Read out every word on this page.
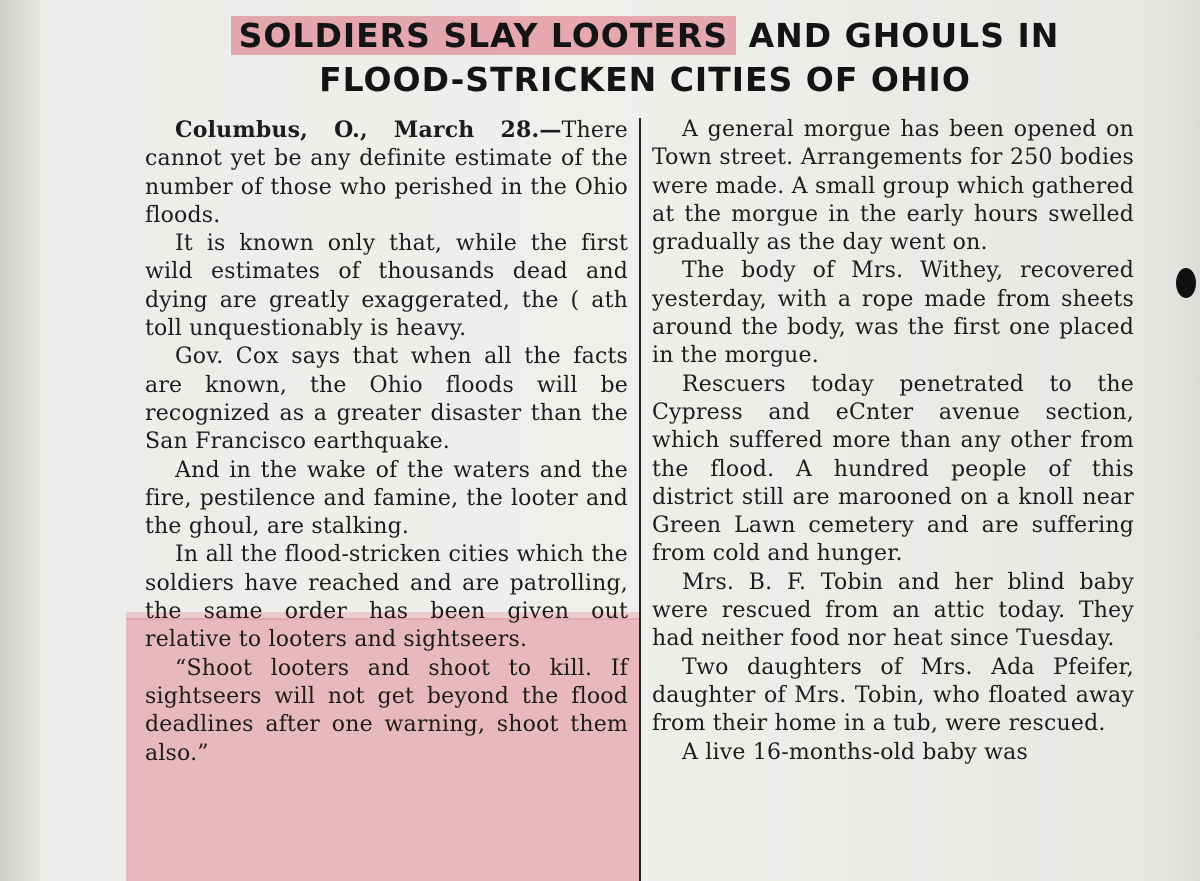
SOLDIERS SLAY LOOTERS AND GHOULS IN
FLOOD-STRICKEN CITIES OF OHIO

Columbus, O., March 28.—There cannot yet be any definite estimate of the number of those who perished in the Ohio floods.

It is known only that, while the first wild estimates of thousands dead and dying are greatly exaggerated, the ( ath toll unquestionably is heavy.

Gov. Cox says that when all the facts are known, the Ohio floods will be recognized as a greater disaster than the San Francisco earthquake.

And in the wake of the waters and the fire, pestilence and famine, the looter and the ghoul, are stalking.

In all the flood-stricken cities which the soldiers have reached and are patrolling, the same order has been given out relative to looters and sightseers.

“Shoot looters and shoot to kill. If sightseers will not get beyond the flood deadlines after one warning, shoot them also.”

A general morgue has been opened on Town street. Arrangements for 250 bodies were made. A small group which gathered at the morgue in the early hours swelled gradually as the day went on.

The body of Mrs. Withey, recovered yesterday, with a rope made from sheets around the body, was the first one placed in the morgue.

Rescuers today penetrated to the Cypress and eCnter avenue section, which suffered more than any other from the flood. A hundred people of this district still are marooned on a knoll near Green Lawn cemetery and are suffering from cold and hunger.

Mrs. B. F. Tobin and her blind baby were rescued from an attic today. They had neither food nor heat since Tuesday.

Two daughters of Mrs. Ada Pfeifer, daughter of Mrs. Tobin, who floated away from their home in a tub, were rescued.

A live 16-months-old baby was
